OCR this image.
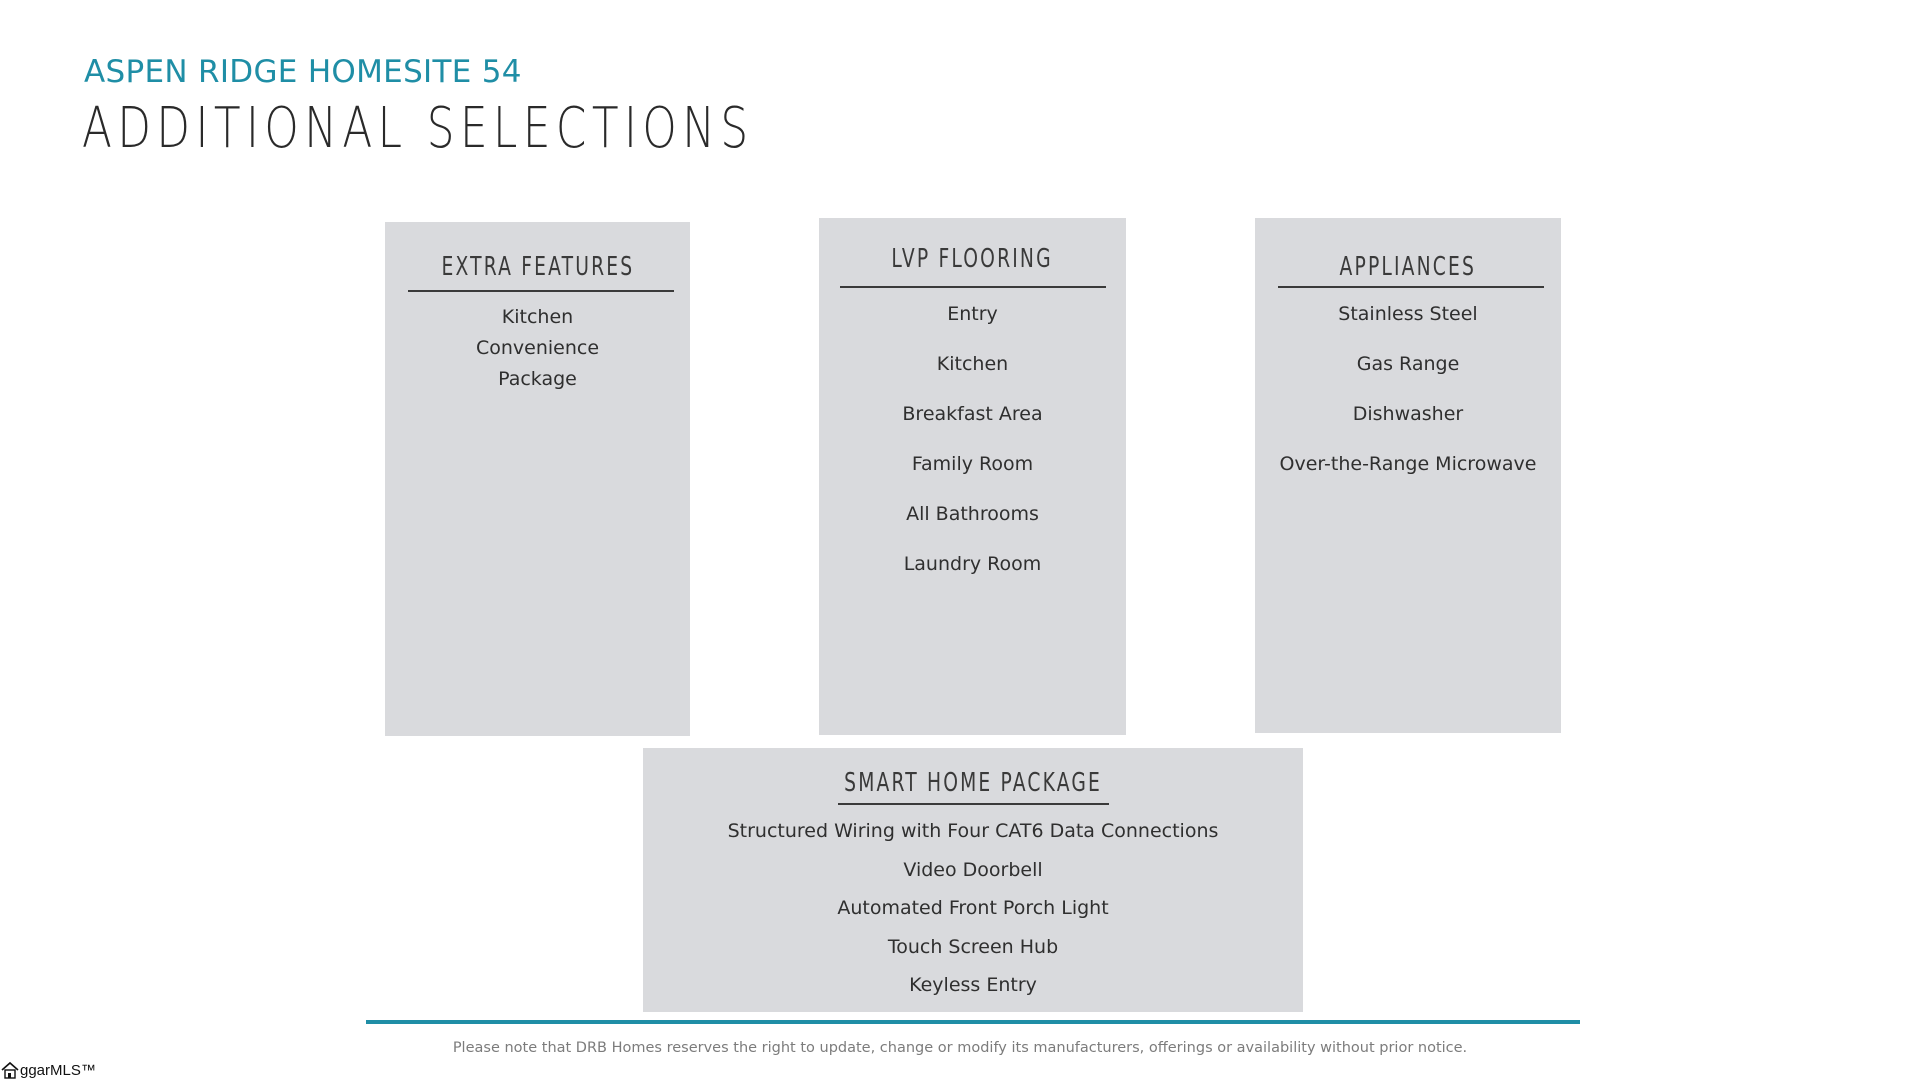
ASPEN RIDGE HOMESITE 54
ADDITIONAL SELECTIONS
EXTRA FEATURES
Kitchen Convenience Package
LVP FLOORING
Entry
Kitchen
Breakfast Area
Family Room
All Bathrooms
Laundry Room
APPLIANCES
Stainless Steel
Gas Range
Dishwasher
Over-the-Range Microwave
SMART HOME PACKAGE
Structured Wiring with Four CAT6 Data Connections
Video Doorbell
Automated Front Porch Light
Touch Screen Hub
Keyless Entry
Please note that DRB Homes reserves the right to update, change or modify its manufacturers, offerings or availability without prior notice.
ggarMLS™
